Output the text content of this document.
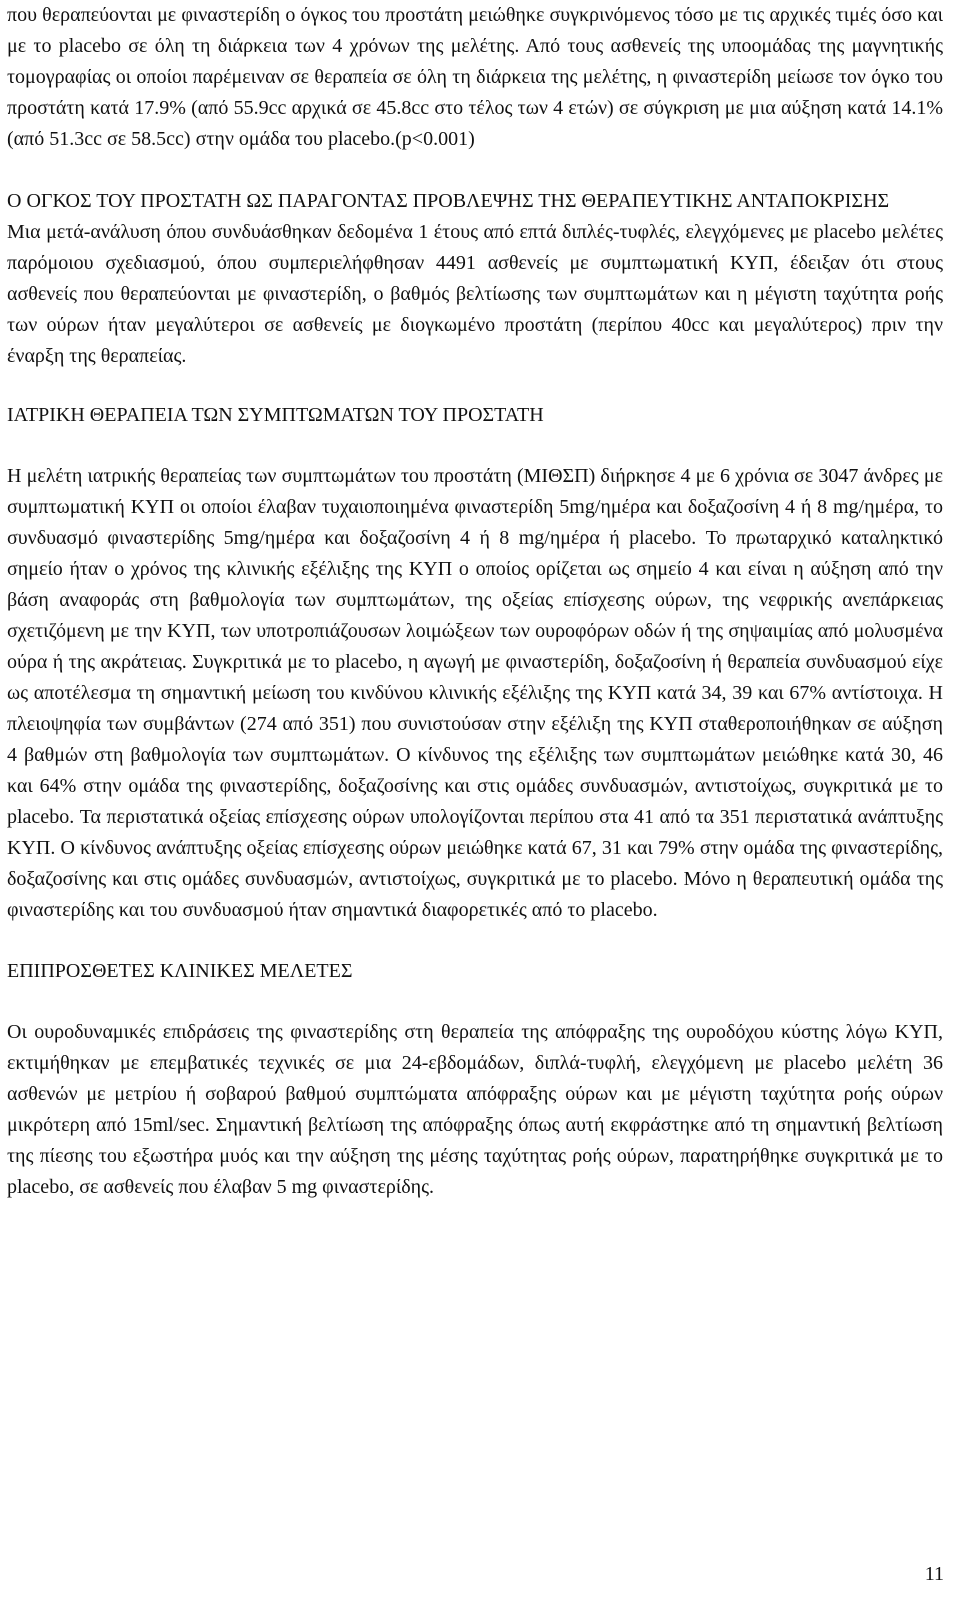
που θεραπεύονται με φιναστερίδη ο όγκος του προστάτη μειώθηκε συγκρινόμενος τόσο με τις αρχικές τιμές όσο και με το placebo σε όλη τη διάρκεια των 4 χρόνων της μελέτης. Από τους ασθενείς της υποομάδας της μαγνητικής τομογραφίας οι οποίοι παρέμειναν σε θεραπεία σε όλη τη διάρκεια της μελέτης, η φιναστερίδη μείωσε τον όγκο του προστάτη κατά 17.9% (από 55.9cc αρχικά σε 45.8cc στο τέλος των 4 ετών) σε σύγκριση με μια αύξηση κατά 14.1% (από 51.3cc σε 58.5cc) στην ομάδα του placebo.(p<0.001)

Ο ΟΓΚΟΣ ΤΟΥ ΠΡΟΣΤΑΤΗ ΩΣ ΠΑΡΑΓΟΝΤΑΣ ΠΡΟΒΛΕΨΗΣ ΤΗΣ ΘΕΡΑΠΕΥΤΙΚΗΣ ΑΝΤΑΠΟΚΡΙΣΗΣ

Μια μετά-ανάλυση όπου συνδυάσθηκαν δεδομένα 1 έτους από επτά διπλές-τυφλές, ελεγχόμενες με placebo μελέτες παρόμοιου σχεδιασμού, όπου συμπεριελήφθησαν 4491 ασθενείς με συμπτωματική ΚΥΠ, έδειξαν ότι στους ασθενείς που θεραπεύονται με φιναστερίδη, ο βαθμός βελτίωσης των συμπτωμάτων και η μέγιστη ταχύτητα ροής των ούρων ήταν μεγαλύτεροι σε ασθενείς με διογκωμένο προστάτη (περίπου 40cc και μεγαλύτερος) πριν την έναρξη της θεραπείας.

ΙΑΤΡΙΚΗ ΘΕΡΑΠΕΙΑ ΤΩΝ ΣΥΜΠΤΩΜΑΤΩΝ ΤΟΥ ΠΡΟΣΤΑΤΗ

Η μελέτη ιατρικής θεραπείας των συμπτωμάτων του προστάτη (ΜΙΘΣΠ) διήρκησε 4 με 6 χρόνια σε 3047 άνδρες με συμπτωματική ΚΥΠ οι οποίοι έλαβαν τυχαιοποιημένα φιναστερίδη 5mg/ημέρα και δοξαζοσίνη 4 ή 8 mg/ημέρα, το συνδυασμό φιναστερίδης 5mg/ημέρα και δοξαζοσίνη 4 ή 8 mg/ημέρα ή placebo. Το πρωταρχικό καταληκτικό σημείο ήταν ο χρόνος της κλινικής εξέλιξης της ΚΥΠ ο οποίος ορίζεται ως σημείο 4 και είναι η αύξηση από την βάση αναφοράς στη βαθμολογία των συμπτωμάτων, της οξείας επίσχεσης ούρων, της νεφρικής ανεπάρκειας σχετιζόμενη με την ΚΥΠ, των υποτροπιάζουσων λοιμώξεων των ουροφόρων οδών ή της σηψαιμίας από μολυσμένα ούρα ή της ακράτειας. Συγκριτικά με το placebo, η αγωγή με φιναστερίδη, δοξαζοσίνη ή θεραπεία συνδυασμού είχε ως αποτέλεσμα τη σημαντική μείωση του κινδύνου κλινικής εξέλιξης της ΚΥΠ κατά 34, 39 και 67% αντίστοιχα. Η πλειοψηφία των συμβάντων (274 από 351) που συνιστούσαν στην εξέλιξη της ΚΥΠ σταθεροποιήθηκαν σε αύξηση 4 βαθμών στη βαθμολογία των συμπτωμάτων. Ο κίνδυνος της εξέλιξης των συμπτωμάτων μειώθηκε κατά 30, 46 και 64% στην ομάδα της φιναστερίδης, δοξαζοσίνης και στις ομάδες συνδυασμών, αντιστοίχως, συγκριτικά με το placebo. Τα περιστατικά οξείας επίσχεσης ούρων υπολογίζονται περίπου στα 41 από τα 351 περιστατικά ανάπτυξης ΚΥΠ. Ο κίνδυνος ανάπτυξης οξείας επίσχεσης ούρων μειώθηκε κατά 67, 31 και 79% στην ομάδα της φιναστερίδης, δοξαζοσίνης και στις ομάδες συνδυασμών, αντιστοίχως, συγκριτικά με το placebo. Μόνο η θεραπευτική ομάδα της φιναστερίδης και του συνδυασμού ήταν σημαντικά διαφορετικές από το placebo.

ΕΠΙΠΡΟΣΘΕΤΕΣ ΚΛΙΝΙΚΕΣ ΜΕΛΕΤΕΣ

Οι ουροδυναμικές επιδράσεις της φιναστερίδης στη θεραπεία της απόφραξης της ουροδόχου κύστης λόγω ΚΥΠ, εκτιμήθηκαν με επεμβατικές τεχνικές σε μια 24-εβδομάδων, διπλά-τυφλή, ελεγχόμενη με placebo μελέτη 36 ασθενών με μετρίου ή σοβαρού βαθμού συμπτώματα απόφραξης ούρων και με μέγιστη ταχύτητα ροής ούρων μικρότερη από 15ml/sec. Σημαντική βελτίωση της απόφραξης όπως αυτή εκφράστηκε από τη σημαντική βελτίωση της πίεσης του εξωστήρα μυός και την αύξηση της μέσης ταχύτητας ροής ούρων, παρατηρήθηκε συγκριτικά με το placebo, σε ασθενείς που έλαβαν 5 mg φιναστερίδης.

11
